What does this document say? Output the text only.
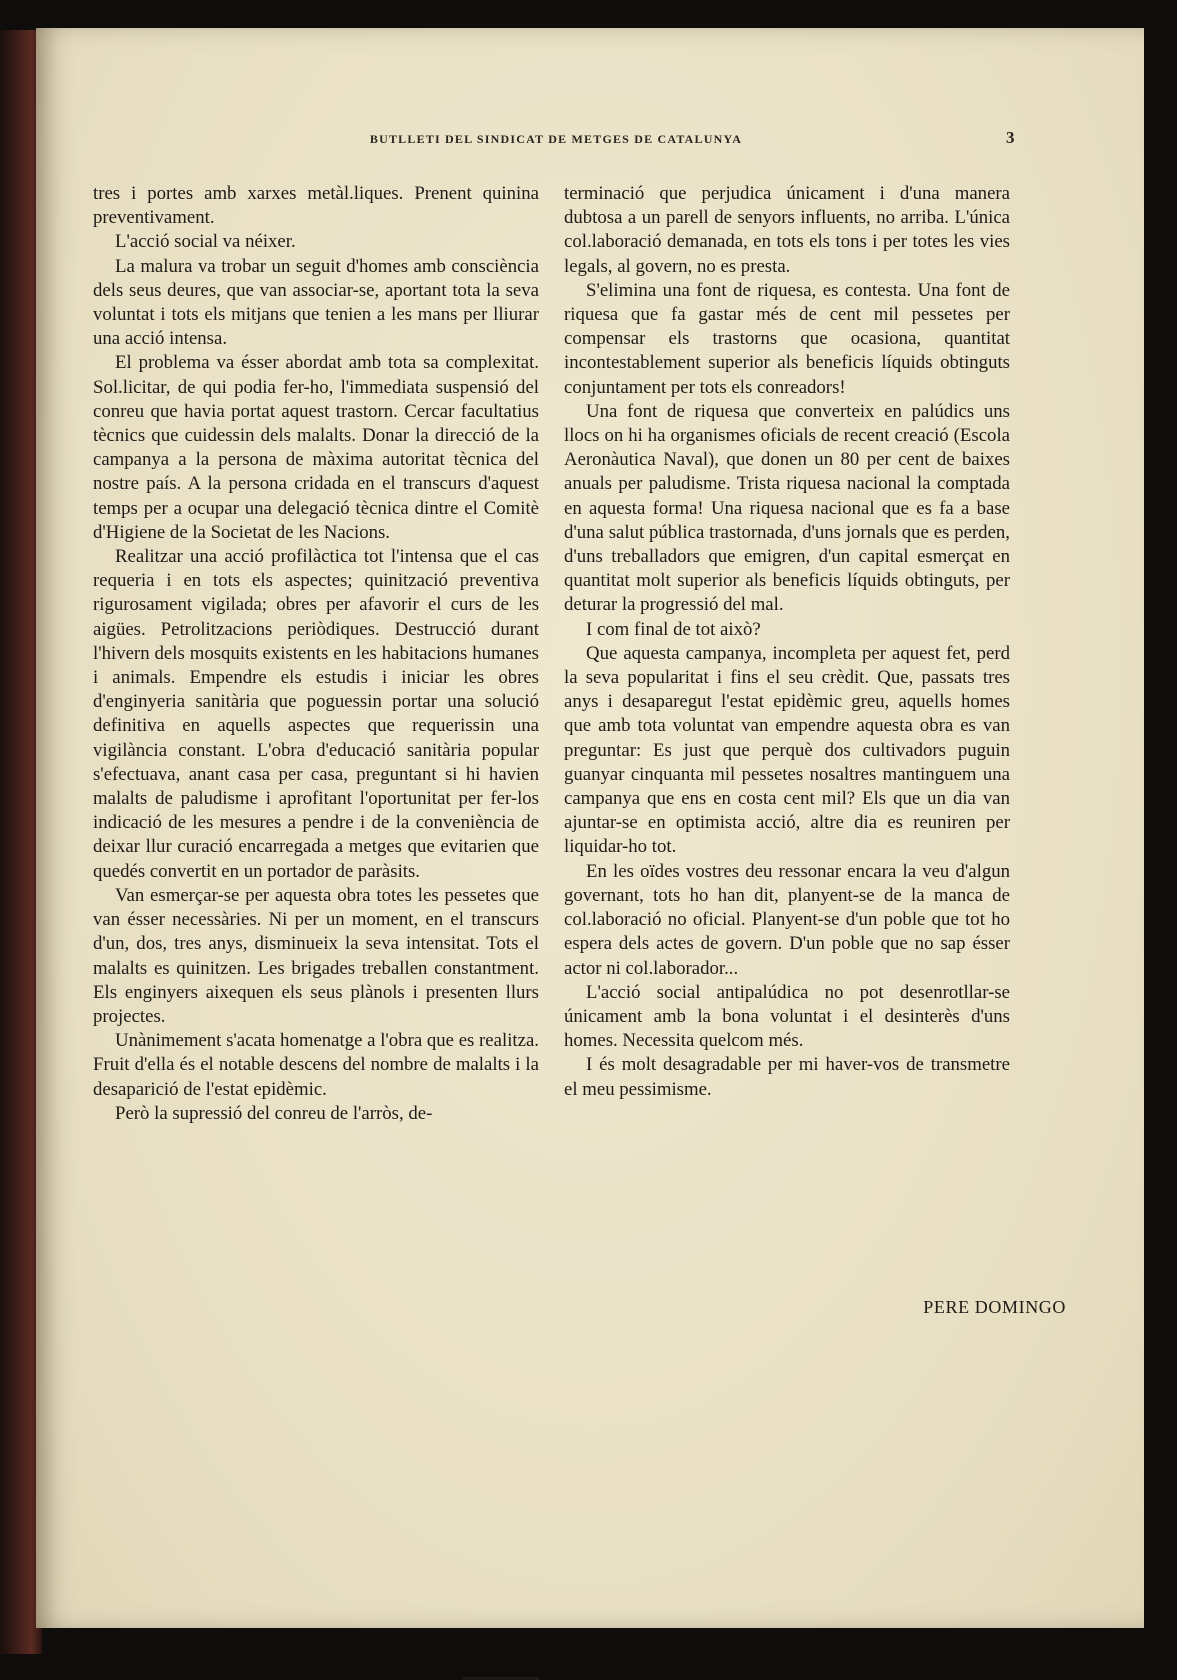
BUTLLETI DEL SINDICAT DE METGES DE CATALUNYA	3

tres i portes amb xarxes metàl.liques. Prenent quinina preventivament.

L'acció social va néixer.

La malura va trobar un seguit d'homes amb consciència dels seus deures, que van associar-se, aportant tota la seva voluntat i tots els mitjans que tenien a les mans per lliurar una acció intensa.

El problema va ésser abordat amb tota sa complexitat. Sol.licitar, de qui podia fer-ho, l'immediata suspensió del conreu que havia portat aquest trastorn. Cercar facultatius tècnics que cuidessin dels malalts. Donar la direcció de la campanya a la persona de màxima autoritat tècnica del nostre país. A la persona cridada en el transcurs d'aquest temps per a ocupar una delegació tècnica dintre el Comitè d'Higiene de la Societat de les Nacions.

Realitzar una acció profilàctica tot l'intensa que el cas requeria i en tots els aspectes; quinització preventiva rigurosament vigilada; obres per afavorir el curs de les aigües. Petrolitzacions periòdiques. Destrucció durant l'hivern dels mosquits existents en les habitacions humanes i animals. Empendre els estudis i iniciar les obres d'enginyeria sanitària que poguessin portar una solució definitiva en aquells aspectes que requerissin una vigilància constant. L'obra d'educació sanitària popular s'efectuava, anant casa per casa, preguntant si hi havien malalts de paludisme i aprofitant l'oportunitat per fer-los indicació de les mesures a pendre i de la conveniència de deixar llur curació encarregada a metges que evitarien que quedés convertit en un portador de paràsits.

Van esmerçar-se per aquesta obra totes les pessetes que van ésser necessàries. Ni per un moment, en el transcurs d'un, dos, tres anys, disminueix la seva intensitat. Tots el malalts es quinitzen. Les brigades treballen constantment. Els enginyers aixequen els seus plànols i presenten llurs projectes.

Unànimement s'acata homenatge a l'obra que es realitza. Fruit d'ella és el notable descens del nombre de malalts i la desaparició de l'estat epidèmic.

Però la supressió del conreu de l'arròs, de-

terminació que perjudica únicament i d'una manera dubtosa a un parell de senyors influents, no arriba. L'única col.laboració demanada, en tots els tons i per totes les vies legals, al govern, no es presta.

S'elimina una font de riquesa, es contesta. Una font de riquesa que fa gastar més de cent mil pessetes per compensar els trastorns que ocasiona, quantitat incontestablement superior als beneficis líquids obtinguts conjuntament per tots els conreadors!

Una font de riquesa que converteix en palúdics uns llocs on hi ha organismes oficials de recent creació (Escola Aeronàutica Naval), que donen un 80 per cent de baixes anuals per paludisme. Trista riquesa nacional la comptada en aquesta forma! Una riquesa nacional que es fa a base d'una salut pública trastornada, d'uns jornals que es perden, d'uns treballadors que emigren, d'un capital esmerçat en quantitat molt superior als beneficis líquids obtinguts, per deturar la progressió del mal.

I com final de tot això?

Que aquesta campanya, incompleta per aquest fet, perd la seva popularitat i fins el seu crèdit. Que, passats tres anys i desaparegut l'estat epidèmic greu, aquells homes que amb tota voluntat van empendre aquesta obra es van preguntar: Es just que perquè dos cultivadors puguin guanyar cinquanta mil pessetes nosaltres mantinguem una campanya que ens en costa cent mil? Els que un dia van ajuntar-se en optimista acció, altre dia es reuniren per liquidar-ho tot.

En les oïdes vostres deu ressonar encara la veu d'algun governant, tots ho han dit, planyent-se de la manca de col.laboració no oficial. Planyent-se d'un poble que tot ho espera dels actes de govern. D'un poble que no sap ésser actor ni col.laborador...

L'acció social antipalúdica no pot desenrotllar-se únicament amb la bona voluntat i el desinterès d'uns homes. Necessita quelcom més.

I és molt desagradable per mi haver-vos de transmetre el meu pessimisme.

PERE DOMINGO
